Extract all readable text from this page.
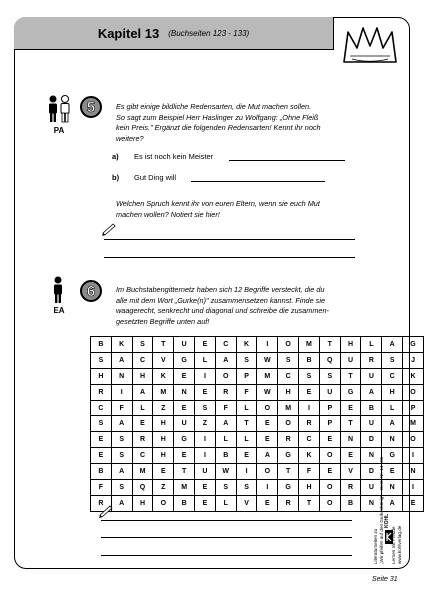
Kapitel 13 (Buchseiten 123 - 133)
PA
5	Es gibt einige bildliche Redensarten, die Mut machen sollen.
So sagt zum Beispiel Herr Haslinger zu Wolfgang: „Ohne Fleiß
kein Preis." Ergänzt die folgenden Redensarten! Kennt ihr noch
weitere?
a) Es ist noch kein Meister
b) Gut Ding will
Welchen Spruch kennt ihr von euren Eltern, wenn sie euch Mut
machen wollen? Notiert sie hier!
EA
6	Im Buchstabengitternetz haben sich 12 Begriffe versteckt, die du
alle mit dem Wort „Gurke(n)" zusammensetzen kannst. Finde sie
waagerecht, senkrecht und diagonal und schreibe die zusammen-
gesetzten Begriffe unten auf!
B	K	S	T	U	E	C	K	I	O	M	T	H	L	A	G
S	A	C	V	G	L	A	S	W	S	B	Q	U	R	S	J
H	N	H	K	E	I	O	P	M	C	S	S	T	U	C	K
R	I	A	M	N	E	R	F	W	H	E	U	G	A	H	O
C	F	L	Z	E	S	F	L	O	M	I	P	E	B	L	P
S	A	E	H	U	Z	A	T	E	O	R	P	T	U	A	M
E	S	R	H	G	I	L	L	E	R	C	E	N	D	N	O
E	S	C	H	E	I	B	E	A	G	K	O	E	N	G	I
B	A	M	E	T	U	W	I	O	T	F	E	V	D	E	N
F	S	Q	Z	M	E	S	S	I	G	H	O	R	U	N	I
R	A	H	O	B	E	L	V	E	R	T	O	B	N	A	E
Literaturseiten zu „Wir pfeifen auf den Gurkenkönig“ – Best.-Nr. 14 181 KOHL
Lernen mit Freude www.kohlverlag.de
Seite 31
